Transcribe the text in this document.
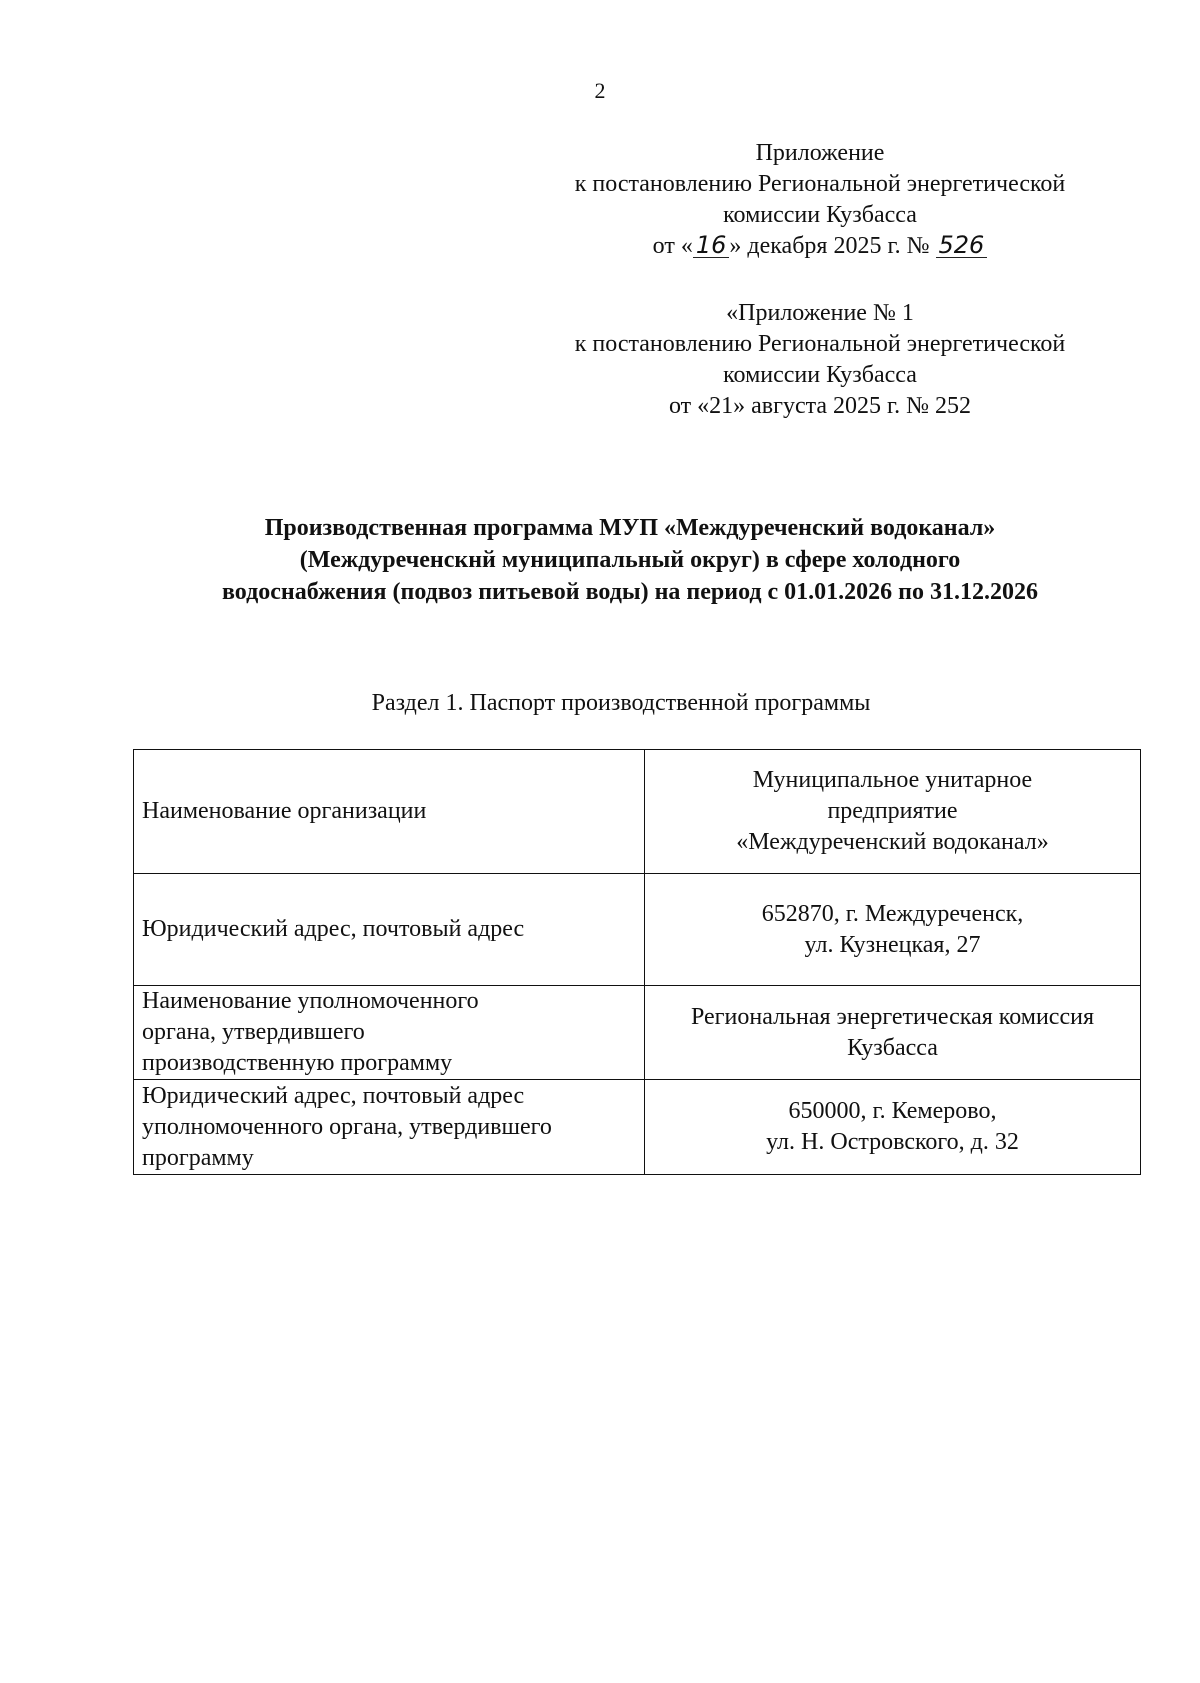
2
Приложение
к постановлению Региональной энергетической
комиссии Кузбасса
от « 16 » декабря 2025 г. № 526
«Приложение № 1
к постановлению Региональной энергетической
комиссии Кузбасса
от «21» августа 2025 г. № 252
Производственная программа МУП «Междуреченский водоканал»
(Междуреченскнй муниципальный округ) в сфере холодного
водоснабжения (подвоз питьевой воды) на период с 01.01.2026 по 31.12.2026
Раздел 1. Паспорт производственной программы
Наименование организации	Муниципальное унитарное
предприятие
«Междуреченский водоканал»

Юридический адрес, почтовый адрес	652870, г. Междуреченск,
ул. Кузнецкая, 27

Наименование уполномоченного
органа, утвердившего
производственную программу	Региональная энергетическая комиссия
Кузбасса

Юридический адрес, почтовый адрес
уполномоченного органа, утвердившего
программу	650000, г. Кемерово,
ул. Н. Островского, д. 32
